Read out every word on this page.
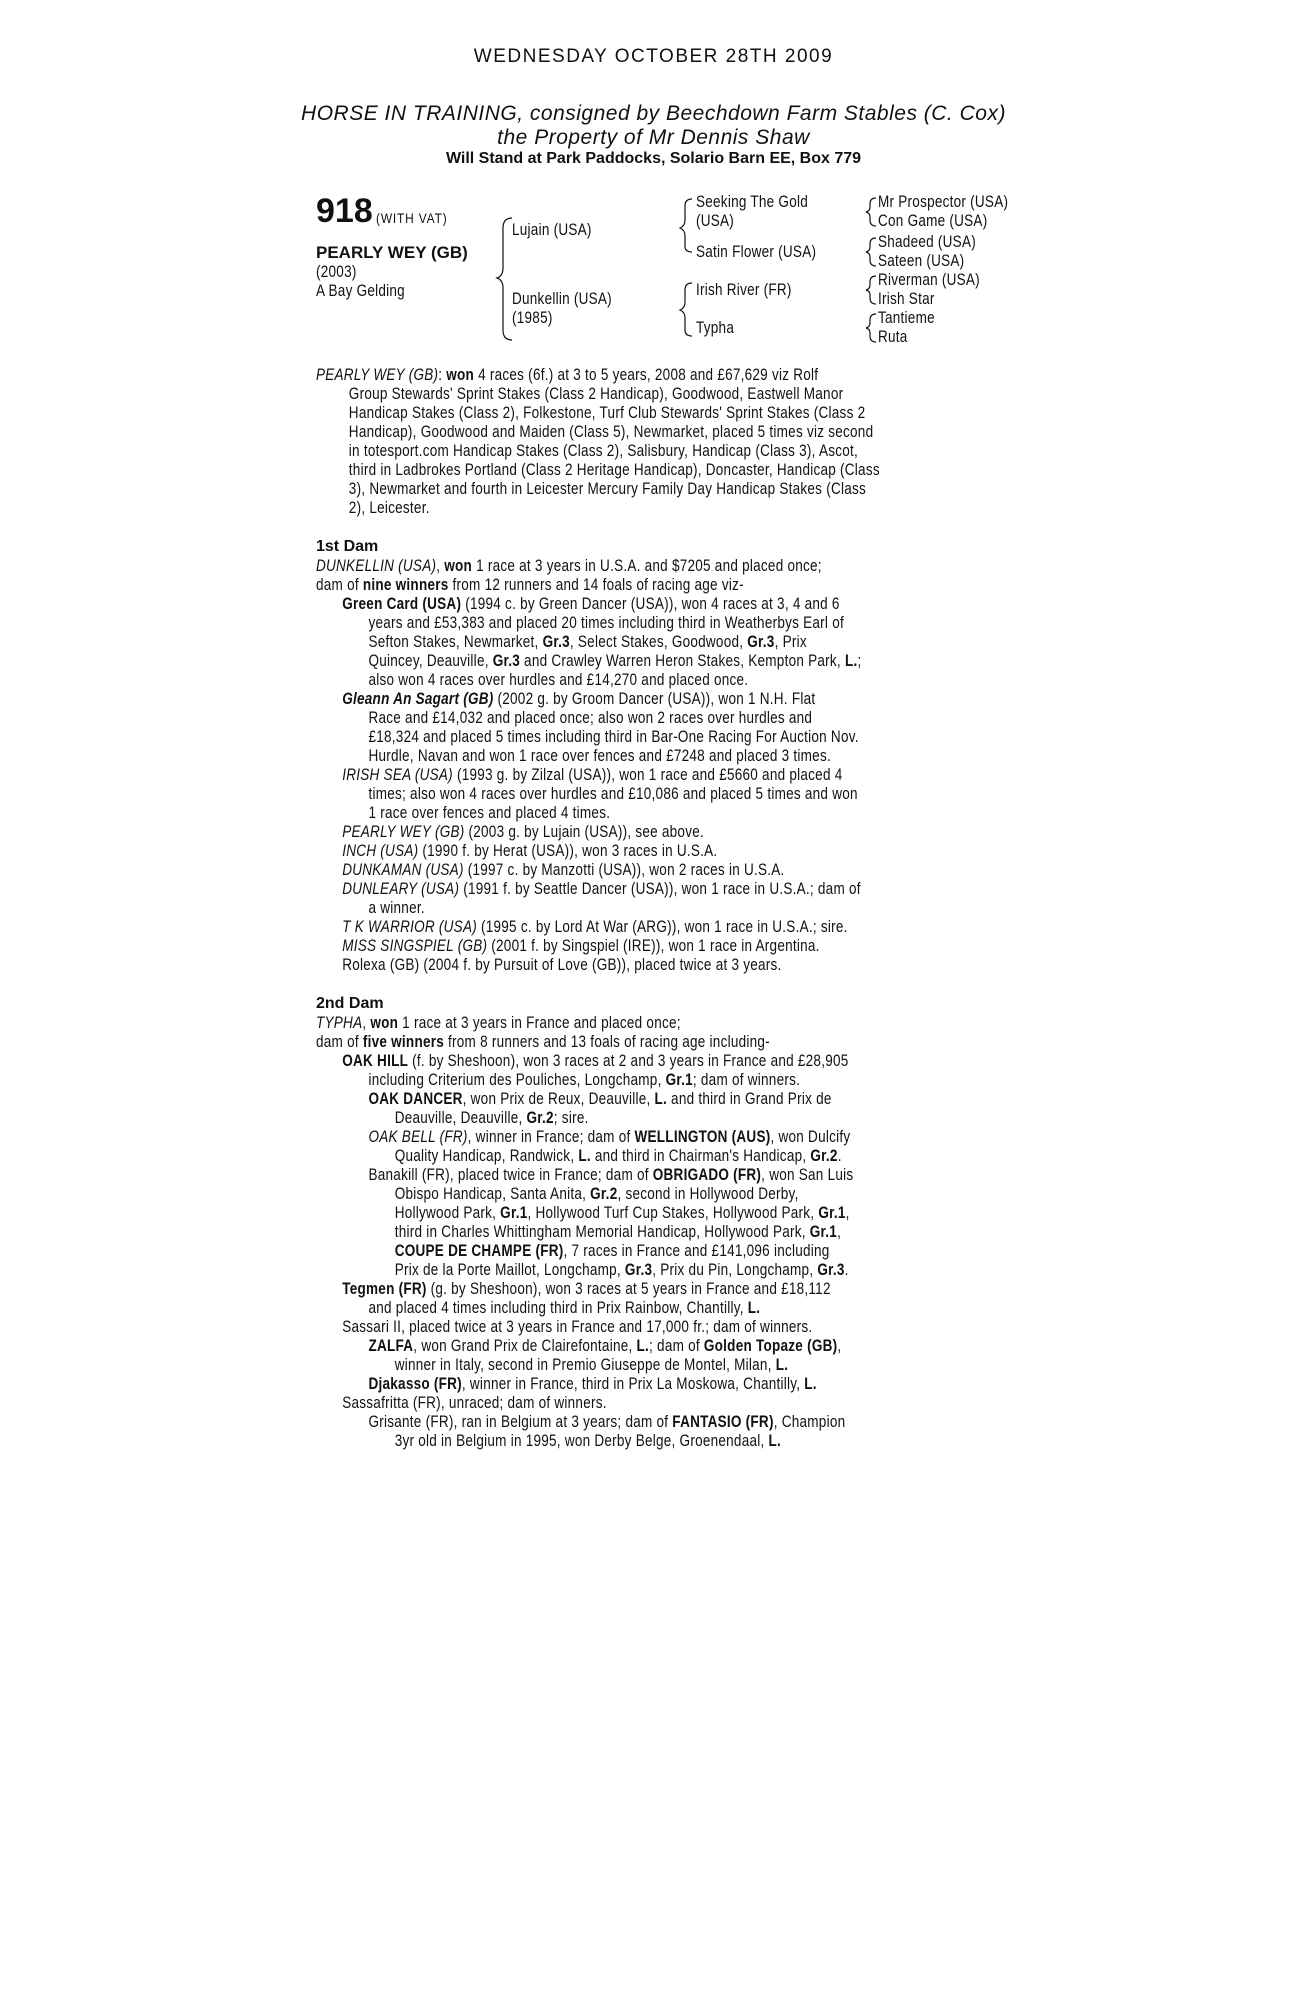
WEDNESDAY OCTOBER 28TH 2009
HORSE IN TRAINING, consigned by Beechdown Farm Stables (C. Cox)
the Property of Mr Dennis Shaw
Will Stand at Park Paddocks, Solario Barn EE, Box 779
918 (WITH VAT)
PEARLY WEY (GB)
(2003)
A Bay Gelding
Lujain (USA)
Dunkellin (USA)
(1985)
Seeking The Gold
(USA)
Satin Flower (USA)
Irish River (FR)
Typha
Mr Prospector (USA)
Con Game (USA)
Shadeed (USA)
Sateen (USA)
Riverman (USA)
Irish Star
Tantieme
Ruta
PEARLY WEY (GB): won 4 races (6f.) at 3 to 5 years, 2008 and £67,629 viz Rolf
Group Stewards' Sprint Stakes (Class 2 Handicap), Goodwood, Eastwell Manor
Handicap Stakes (Class 2), Folkestone, Turf Club Stewards' Sprint Stakes (Class 2
Handicap), Goodwood and Maiden (Class 5), Newmarket, placed 5 times viz second
in totesport.com Handicap Stakes (Class 2), Salisbury, Handicap (Class 3), Ascot,
third in Ladbrokes Portland (Class 2 Heritage Handicap), Doncaster, Handicap (Class
3), Newmarket and fourth in Leicester Mercury Family Day Handicap Stakes (Class
2), Leicester.
1st Dam
DUNKELLIN (USA), won 1 race at 3 years in U.S.A. and $7205 and placed once;
dam of nine winners from 12 runners and 14 foals of racing age viz-
Green Card (USA) (1994 c. by Green Dancer (USA)), won 4 races at 3, 4 and 6
years and £53,383 and placed 20 times including third in Weatherbys Earl of
Sefton Stakes, Newmarket, Gr.3, Select Stakes, Goodwood, Gr.3, Prix
Quincey, Deauville, Gr.3 and Crawley Warren Heron Stakes, Kempton Park, L.;
also won 4 races over hurdles and £14,270 and placed once.
Gleann An Sagart (GB) (2002 g. by Groom Dancer (USA)), won 1 N.H. Flat
Race and £14,032 and placed once; also won 2 races over hurdles and
£18,324 and placed 5 times including third in Bar-One Racing For Auction Nov.
Hurdle, Navan and won 1 race over fences and £7248 and placed 3 times.
IRISH SEA (USA) (1993 g. by Zilzal (USA)), won 1 race and £5660 and placed 4
times; also won 4 races over hurdles and £10,086 and placed 5 times and won
1 race over fences and placed 4 times.
PEARLY WEY (GB) (2003 g. by Lujain (USA)), see above.
INCH (USA) (1990 f. by Herat (USA)), won 3 races in U.S.A.
DUNKAMAN (USA) (1997 c. by Manzotti (USA)), won 2 races in U.S.A.
DUNLEARY (USA) (1991 f. by Seattle Dancer (USA)), won 1 race in U.S.A.; dam of
a winner.
T K WARRIOR (USA) (1995 c. by Lord At War (ARG)), won 1 race in U.S.A.; sire.
MISS SINGSPIEL (GB) (2001 f. by Singspiel (IRE)), won 1 race in Argentina.
Rolexa (GB) (2004 f. by Pursuit of Love (GB)), placed twice at 3 years.
2nd Dam
TYPHA, won 1 race at 3 years in France and placed once;
dam of five winners from 8 runners and 13 foals of racing age including-
OAK HILL (f. by Sheshoon), won 3 races at 2 and 3 years in France and £28,905
including Criterium des Pouliches, Longchamp, Gr.1; dam of winners.
OAK DANCER, won Prix de Reux, Deauville, L. and third in Grand Prix de
Deauville, Deauville, Gr.2; sire.
OAK BELL (FR), winner in France; dam of WELLINGTON (AUS), won Dulcify
Quality Handicap, Randwick, L. and third in Chairman's Handicap, Gr.2.
Banakill (FR), placed twice in France; dam of OBRIGADO (FR), won San Luis
Obispo Handicap, Santa Anita, Gr.2, second in Hollywood Derby,
Hollywood Park, Gr.1, Hollywood Turf Cup Stakes, Hollywood Park, Gr.1,
third in Charles Whittingham Memorial Handicap, Hollywood Park, Gr.1,
COUPE DE CHAMPE (FR), 7 races in France and £141,096 including
Prix de la Porte Maillot, Longchamp, Gr.3, Prix du Pin, Longchamp, Gr.3.
Tegmen (FR) (g. by Sheshoon), won 3 races at 5 years in France and £18,112
and placed 4 times including third in Prix Rainbow, Chantilly, L.
Sassari II, placed twice at 3 years in France and 17,000 fr.; dam of winners.
ZALFA, won Grand Prix de Clairefontaine, L.; dam of Golden Topaze (GB),
winner in Italy, second in Premio Giuseppe de Montel, Milan, L.
Djakasso (FR), winner in France, third in Prix La Moskowa, Chantilly, L.
Sassafritta (FR), unraced; dam of winners.
Grisante (FR), ran in Belgium at 3 years; dam of FANTASIO (FR), Champion
3yr old in Belgium in 1995, won Derby Belge, Groenendaal, L.
